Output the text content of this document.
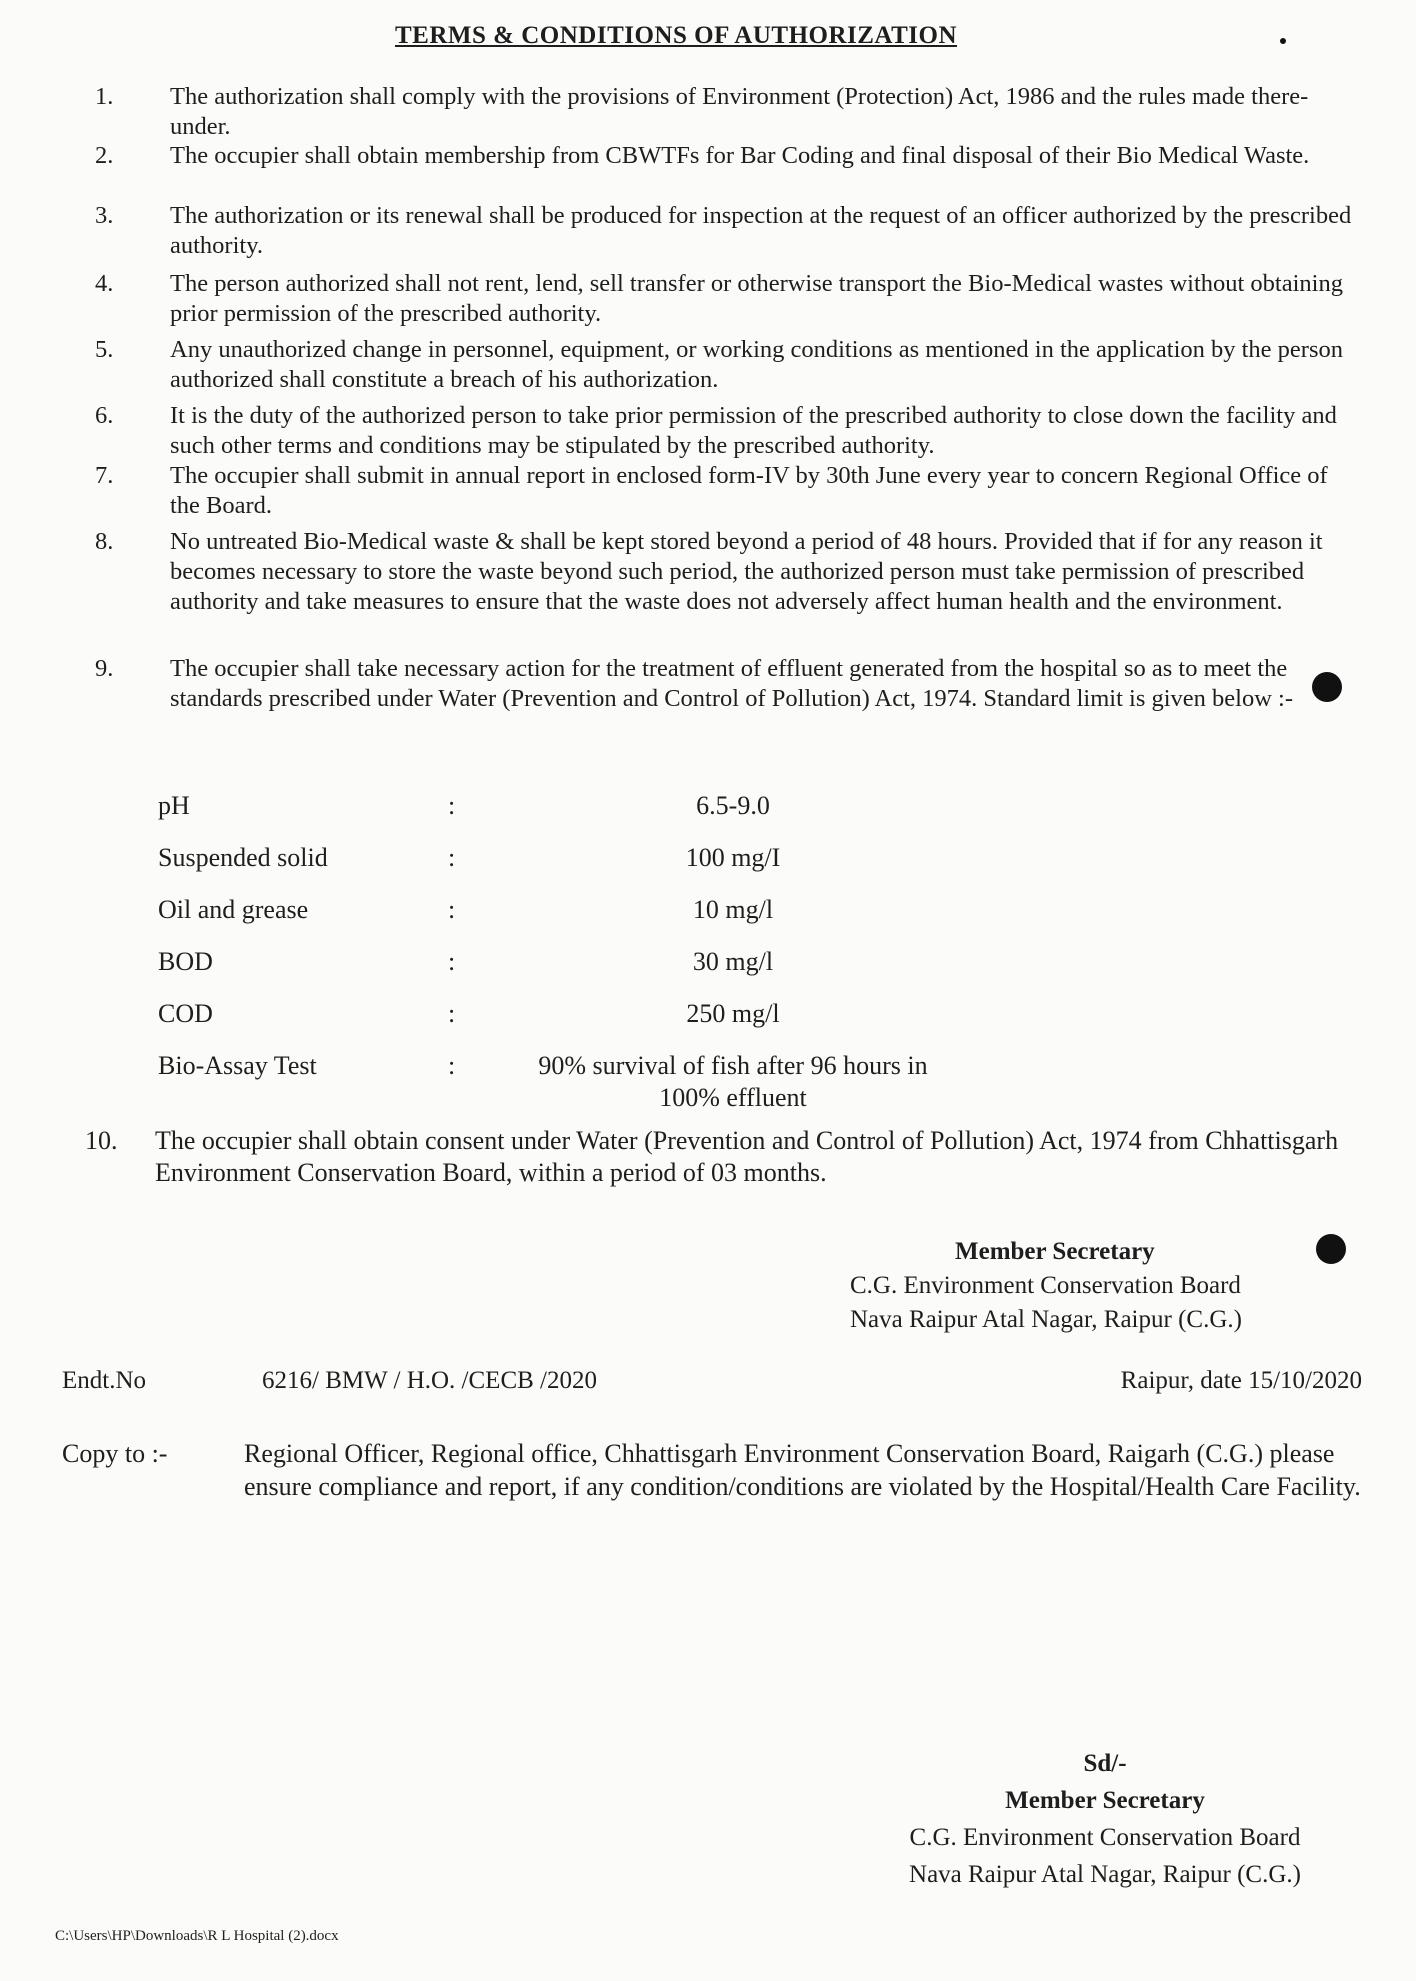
TERMS & CONDITIONS OF AUTHORIZATION
1.	The authorization shall comply with the provisions of Environment (Protection) Act, 1986 and the rules made there-under.
2.	The occupier shall obtain membership from CBWTFs for Bar Coding and final disposal of their Bio Medical Waste.
3.	The authorization or its renewal shall be produced for inspection at the request of an officer authorized by the prescribed authority.
4.	The person authorized shall not rent, lend, sell transfer or otherwise transport the Bio-Medical wastes without obtaining prior permission of the prescribed authority.
5.	Any unauthorized change in personnel, equipment, or working conditions as mentioned in the application by the person authorized shall constitute a breach of his authorization.
6.	It is the duty of the authorized person to take prior permission of the prescribed authority to close down the facility and such other terms and conditions may be stipulated by the prescribed authority.
7.	The occupier shall submit in annual report in enclosed form-IV by 30th June every year to concern Regional Office of the Board.
8.	No untreated Bio-Medical waste & shall be kept stored beyond a period of 48 hours. Provided that if for any reason it becomes necessary to store the waste beyond such period, the authorized person must take permission of prescribed authority and take measures to ensure that the waste does not adversely affect human health and the environment.
9.	The occupier shall take necessary action for the treatment of effluent generated from the hospital so as to meet the standards prescribed under Water (Prevention and Control of Pollution) Act, 1974. Standard limit is given below :-
pH	:	6.5-9.0
Suspended solid	:	100 mg/I
Oil and grease	:	10 mg/l
BOD	:	30 mg/l
COD	:	250 mg/l
Bio-Assay Test	:	90% survival of fish after 96 hours in 100% effluent
10. The occupier shall obtain consent under Water (Prevention and Control of Pollution) Act, 1974 from Chhattisgarh Environment Conservation Board, within a period of 03 months.
Member Secretary
C.G. Environment Conservation Board
Nava Raipur Atal Nagar, Raipur (C.G.)
Endt.No	6216/ BMW / H.O. /CECB /2020	Raipur, date 15/10/2020
Copy to :-	Regional Officer, Regional office, Chhattisgarh Environment Conservation Board, Raigarh (C.G.) please ensure compliance and report, if any condition/conditions are violated by the Hospital/Health Care Facility.
Sd/-
Member Secretary
C.G. Environment Conservation Board
Nava Raipur Atal Nagar, Raipur (C.G.)
C:\Users\HP\Downloads\R L Hospital (2).docx
